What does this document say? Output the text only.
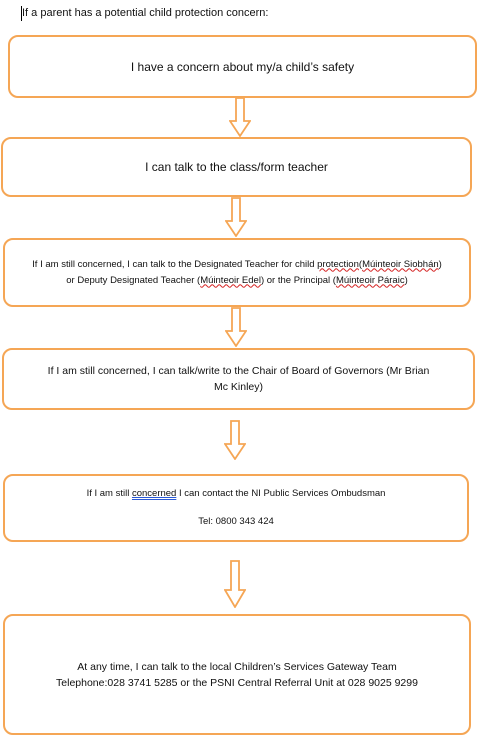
If a parent has a potential child protection concern:
I have a concern about my/a child’s safety
I can talk to the class/form teacher
If I am still concerned, I can talk to the Designated Teacher for child protection(Múinteoir Siobhán)
or Deputy Designated Teacher (Múinteoir Edel) or the Principal (Múinteoir Páraic)
If I am still concerned, I can talk/write to the Chair of Board of Governors (Mr Brian
Mc Kinley)
If I am still concerned I can contact the NI Public Services Ombudsman
Tel: 0800 343 424
At any time, I can talk to the local Children’s Services Gateway Team
Telephone:028 3741 5285 or the PSNI Central Referral Unit at 028 9025 9299
